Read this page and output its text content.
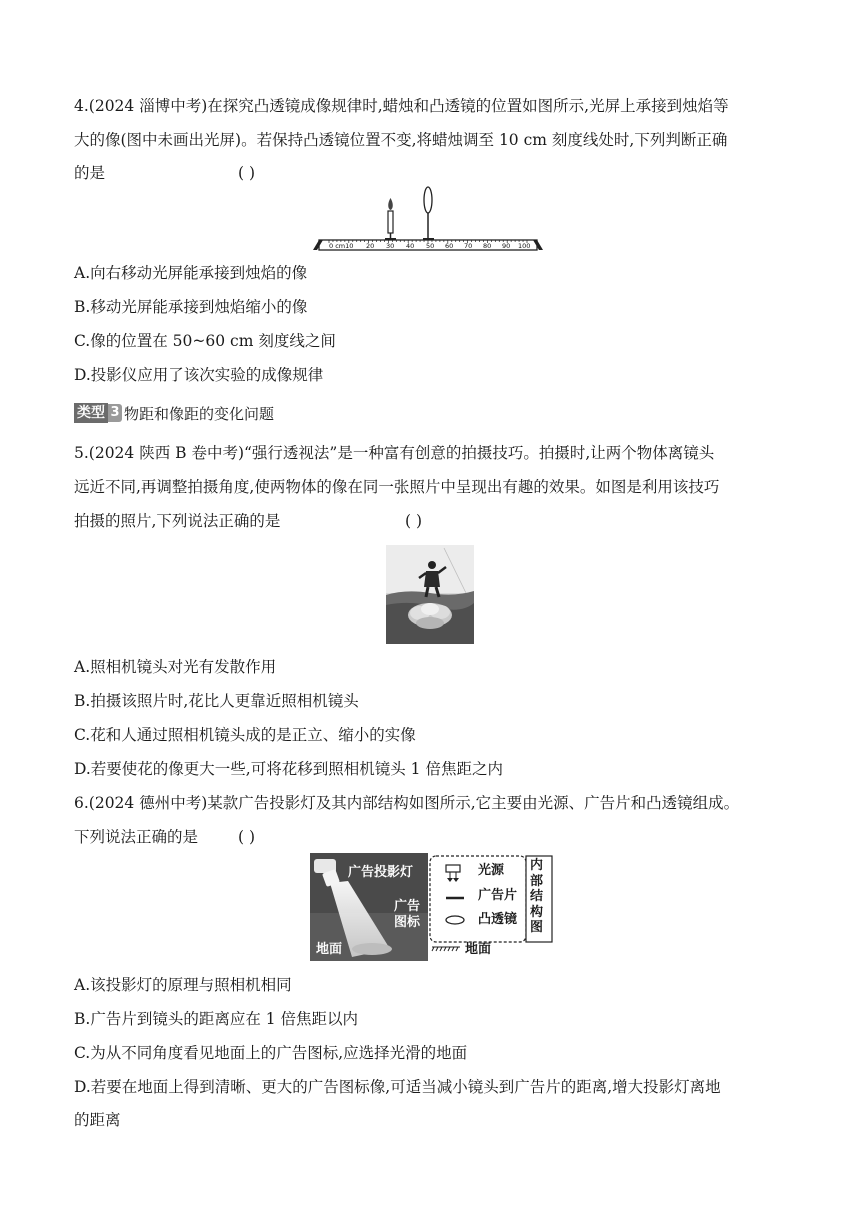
4.(2024 淄博中考)在探究凸透镜成像规律时,蜡烛和凸透镜的位置如图所示,光屏上承接到烛焰等
大的像(图中未画出光屏)。若保持凸透镜位置不变,将蜡烛调至 10 cm 刻度线处时,下列判断正确
的是	( )
0 cm10 20 30 40 50 60 70 80 90 100
A.向右移动光屏能承接到烛焰的像
B.移动光屏能承接到烛焰缩小的像
C.像的位置在 50~60 cm 刻度线之间
D.投影仪应用了该次实验的成像规律
类型 3 物距和像距的变化问题
5.(2024 陕西 B 卷中考)“强行透视法”是一种富有创意的拍摄技巧。拍摄时,让两个物体离镜头
远近不同,再调整拍摄角度,使两物体的像在同一张照片中呈现出有趣的效果。如图是利用该技巧
拍摄的照片,下列说法正确的是	( )
A.照相机镜头对光有发散作用
B.拍摄该照片时,花比人更靠近照相机镜头
C.花和人通过照相机镜头成的是正立、缩小的实像
D.若要使花的像更大一些,可将花移到照相机镜头 1 倍焦距之内
6.(2024 德州中考)某款广告投影灯及其内部结构如图所示,它主要由光源、广告片和凸透镜组成。
下列说法正确的是	( )
广告投影灯
广告图标
地面
光源
广告片
凸透镜
内部结构图
地面
A.该投影灯的原理与照相机相同
B.广告片到镜头的距离应在 1 倍焦距以内
C.为从不同角度看见地面上的广告图标,应选择光滑的地面
D.若要在地面上得到清晰、更大的广告图标像,可适当减小镜头到广告片的距离,增大投影灯离地
的距离
